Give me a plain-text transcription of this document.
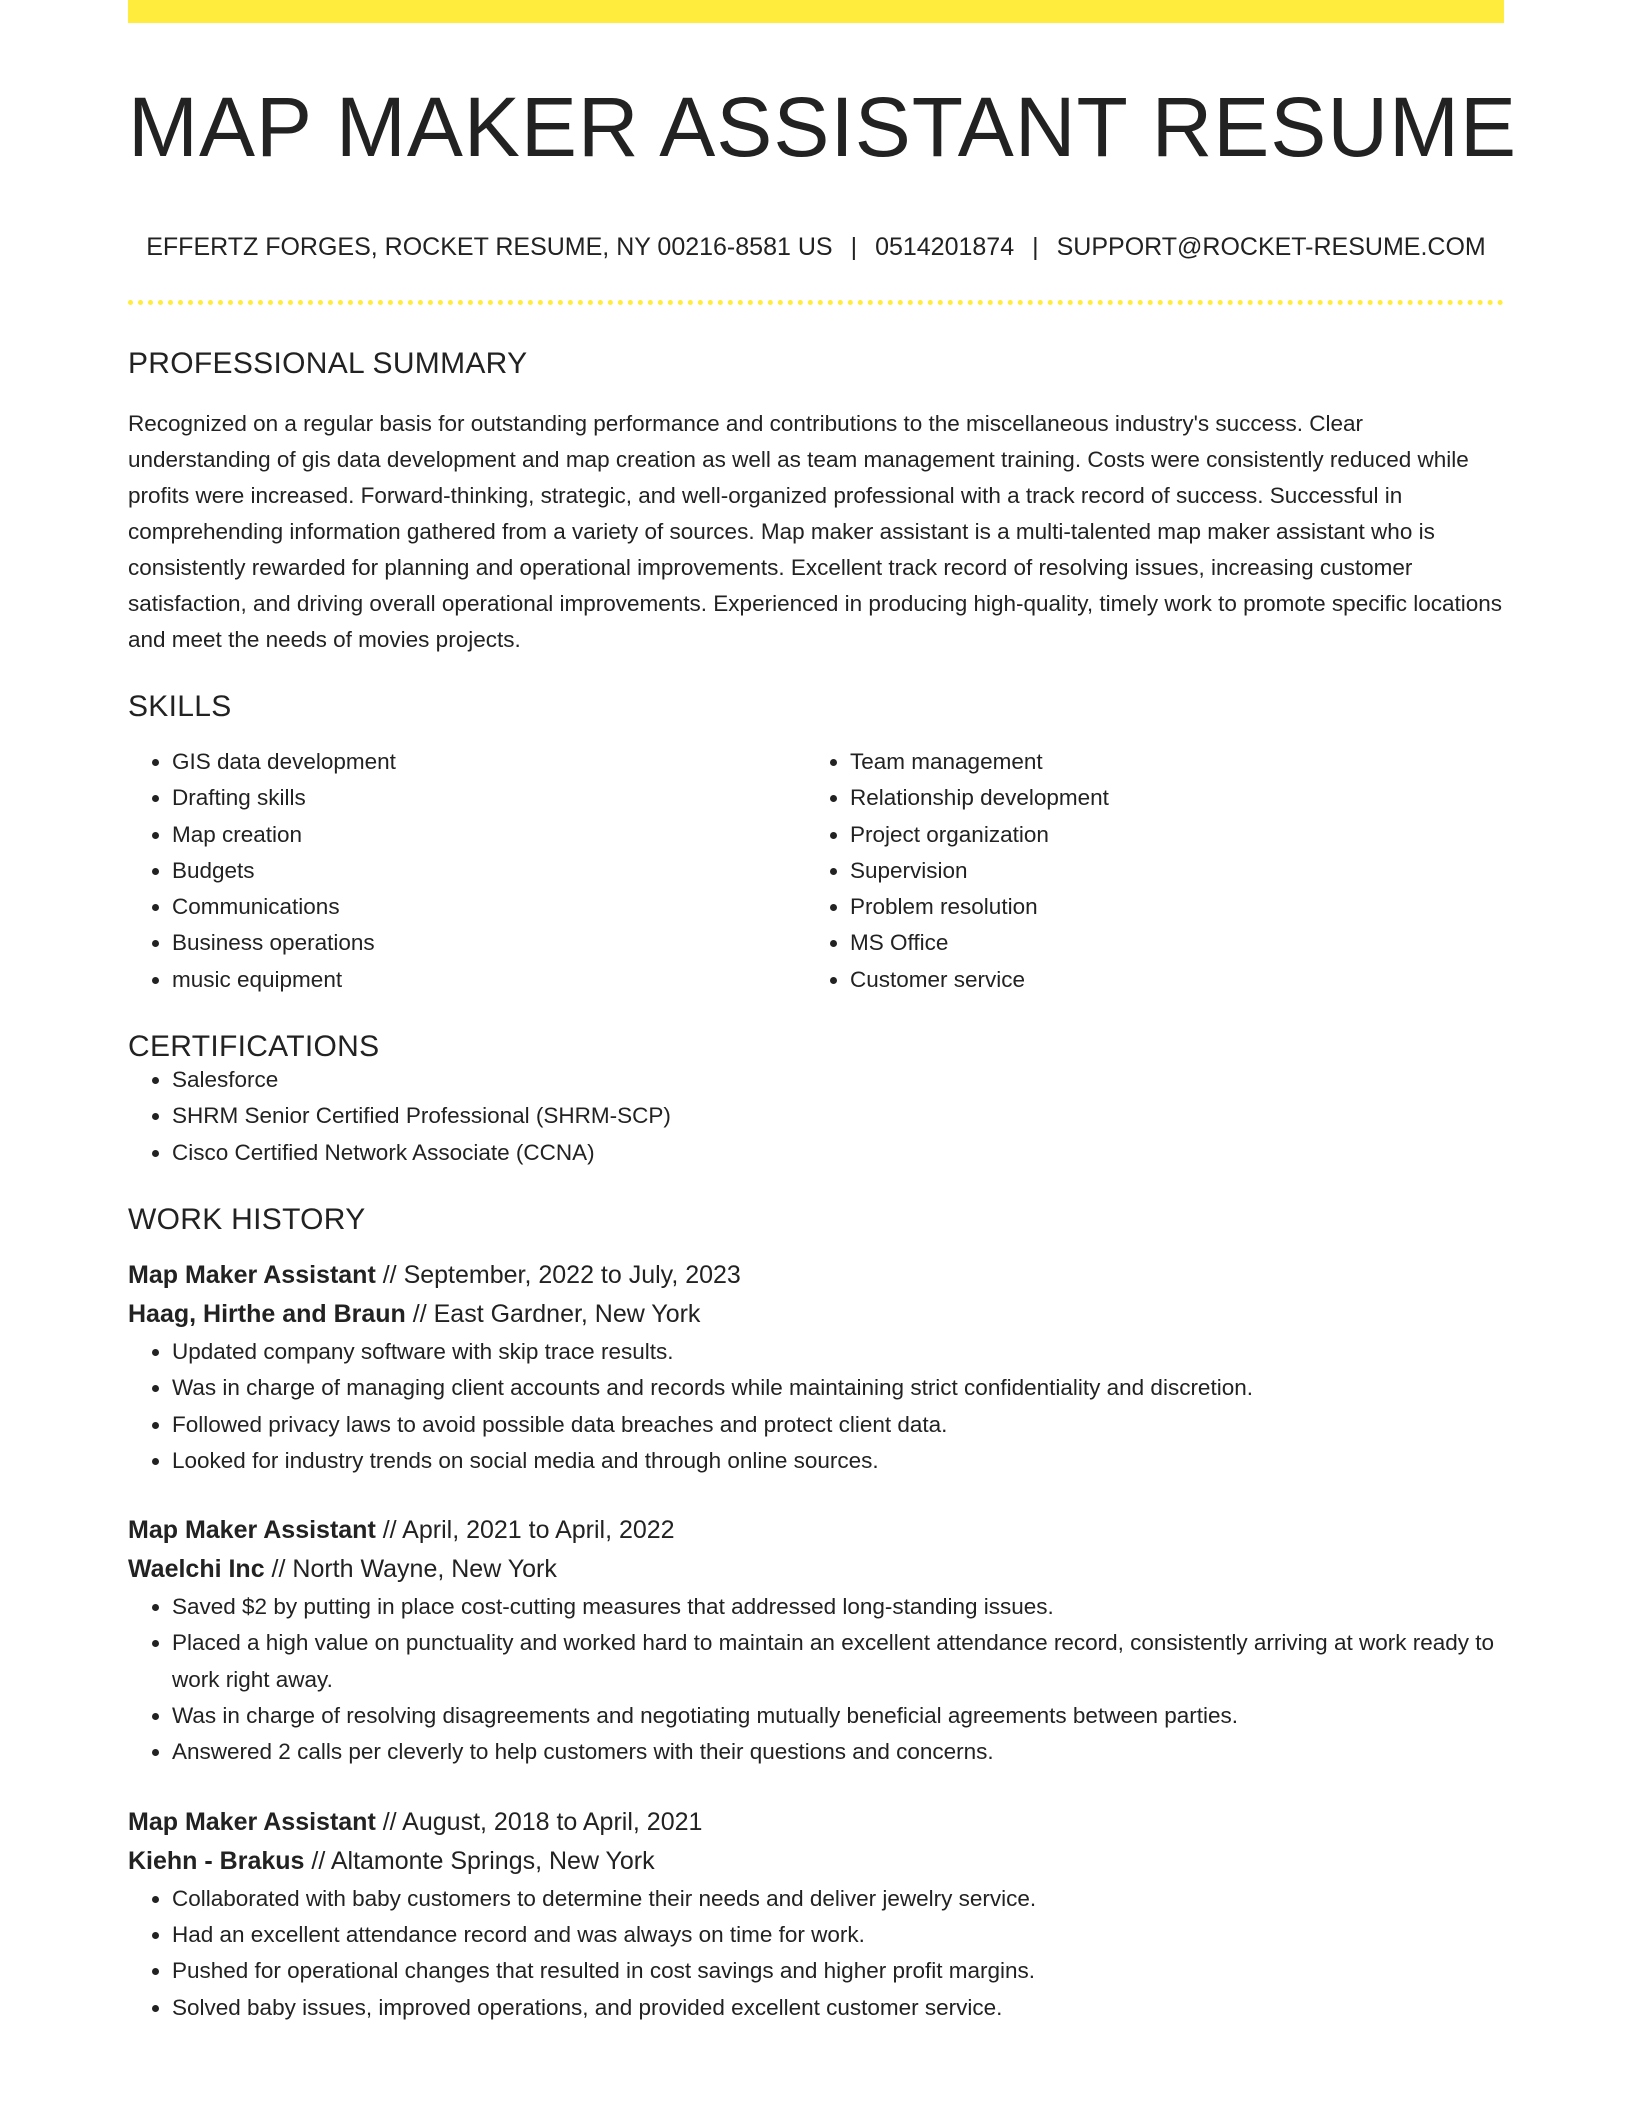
MAP MAKER ASSISTANT RESUME
EFFERTZ FORGES, ROCKET RESUME, NY 00216-8581 US | 0514201874 | SUPPORT@ROCKET-RESUME.COM
PROFESSIONAL SUMMARY
Recognized on a regular basis for outstanding performance and contributions to the miscellaneous industry's success. Clear understanding of gis data development and map creation as well as team management training. Costs were consistently reduced while profits were increased. Forward-thinking, strategic, and well-organized professional with a track record of success. Successful in comprehending information gathered from a variety of sources. Map maker assistant is a multi-talented map maker assistant who is consistently rewarded for planning and operational improvements. Excellent track record of resolving issues, increasing customer satisfaction, and driving overall operational improvements. Experienced in producing high-quality, timely work to promote specific locations and meet the needs of movies projects.
SKILLS
• GIS data development
• Drafting skills
• Map creation
• Budgets
• Communications
• Business operations
• music equipment
• Team management
• Relationship development
• Project organization
• Supervision
• Problem resolution
• MS Office
• Customer service
CERTIFICATIONS
• Salesforce
• SHRM Senior Certified Professional (SHRM-SCP)
• Cisco Certified Network Associate (CCNA)
WORK HISTORY
Map Maker Assistant // September, 2022 to July, 2023
Haag, Hirthe and Braun // East Gardner, New York
• Updated company software with skip trace results.
• Was in charge of managing client accounts and records while maintaining strict confidentiality and discretion.
• Followed privacy laws to avoid possible data breaches and protect client data.
• Looked for industry trends on social media and through online sources.
Map Maker Assistant // April, 2021 to April, 2022
Waelchi Inc // North Wayne, New York
• Saved $2 by putting in place cost-cutting measures that addressed long-standing issues.
• Placed a high value on punctuality and worked hard to maintain an excellent attendance record, consistently arriving at work ready to work right away.
• Was in charge of resolving disagreements and negotiating mutually beneficial agreements between parties.
• Answered 2 calls per cleverly to help customers with their questions and concerns.
Map Maker Assistant // August, 2018 to April, 2021
Kiehn - Brakus // Altamonte Springs, New York
• Collaborated with baby customers to determine their needs and deliver jewelry service.
• Had an excellent attendance record and was always on time for work.
• Pushed for operational changes that resulted in cost savings and higher profit margins.
• Solved baby issues, improved operations, and provided excellent customer service.
